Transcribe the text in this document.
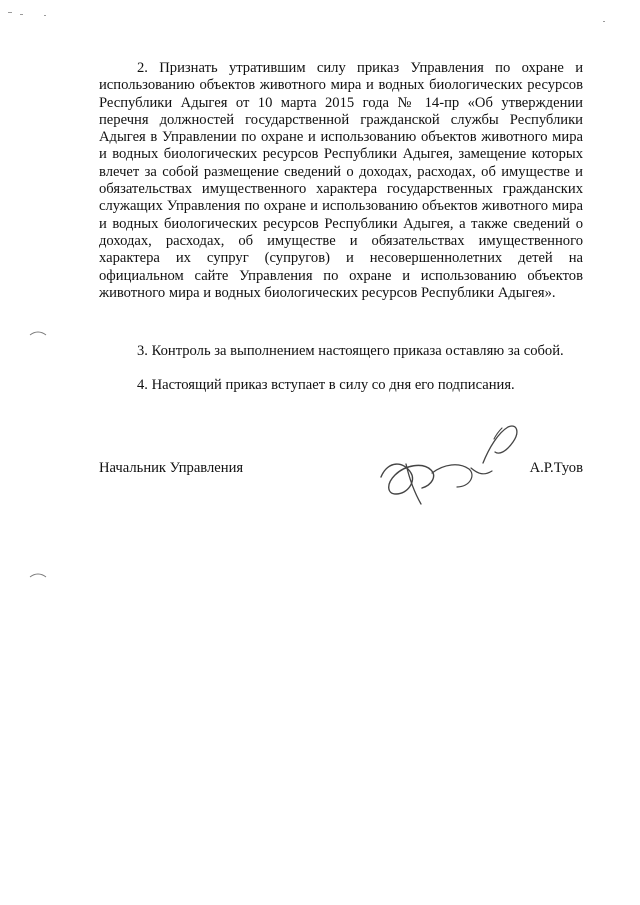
2. Признать утратившим силу приказ Управления по охране и использованию объектов животного мира и водных биологических ресурсов Республики Адыгея от 10 марта 2015 года № 14-пр «Об утверждении перечня должностей государственной гражданской службы Республики Адыгея в Управлении по охране и использованию объектов животного мира и водных биологических ресурсов Республики Адыгея, замещение которых влечет за собой размещение сведений о доходах, расходах, об имуществе и обязательствах имущественного характера государственных гражданских служащих Управления по охране и использованию объектов животного мира и водных биологических ресурсов Республики Адыгея, а также сведений о доходах, расходах, об имуществе и обязательствах имущественного характера их супруг (супругов) и несовершеннолетних детей на официальном сайте Управления по охране и использованию объектов животного мира и водных биологических ресурсов Республики Адыгея».

3. Контроль за выполнением настоящего приказа оставляю за собой.

4. Настоящий приказ вступает в силу со дня его подписания.

Начальник Управления	А.Р.Туов
